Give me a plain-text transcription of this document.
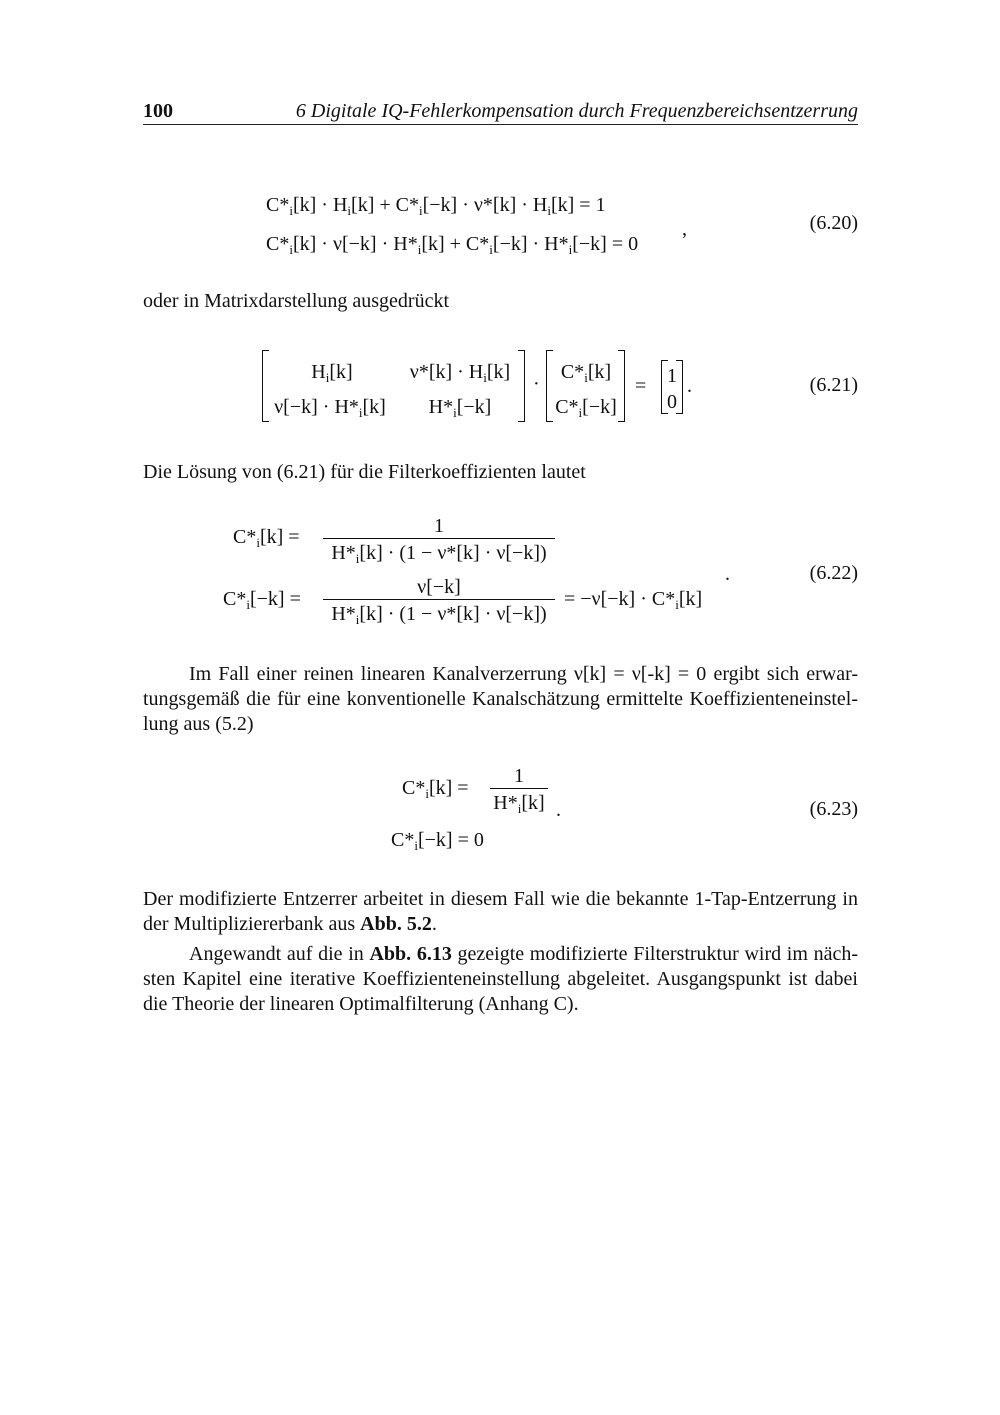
100	6 Digitale IQ-Fehlerkompensation durch Frequenzbereichsentzerrung
$C*_i[k] \cdot H_i[k] + C*_i[-k] \cdot \nu*[k] \cdot H_i[k] = 1$
$C*_i[k] \cdot \nu[-k] \cdot H*_i[k] + C*_i[-k] \cdot H*_i[-k] = 0$
,	(6.20)
oder in Matrixdarstellung ausgedrückt
$H_i[k]$	$\nu*[k] \cdot H_i[k]$
$\nu[-k] \cdot H*_i[k]$	$H*_i[-k]$
·
$C*_i[k]$
$C*_i[-k]$
= 1
0
.	(6.21)
Die Lösung von (6.21) für die Filterkoeffizienten lautet
$C*_i[k]$ =	1
$H*_i[k] \cdot (1 - \nu*[k] \cdot \nu[-k])$
$C*_i[-k]$ =
ν[−k]
$H*_i[k] \cdot (1 - \nu*[k] \cdot \nu[-k])$
= $-\nu[-k] \cdot C*_i[k]$
.	(6.22)
Im Fall einer reinen linearen Kanalverzerrung ν[k] = ν[-k] = 0 ergibt sich erwar-
tungsgemäß die für eine konventionelle Kanalschätzung ermittelte Koeffizienteneinstel-
lung aus (5.2)
$C*_i[k]$ =
1
$H*_i[k]$ .
$C*_i[-k] = 0$
(6.23)
Der modifizierte Entzerrer arbeitet in diesem Fall wie die bekannte 1-Tap-Entzerrung in
der Multipliziererbank aus Abb. 5.2.
Angewandt auf die in Abb. 6.13 gezeigte modifizierte Filterstruktur wird im näch-
sten Kapitel eine iterative Koeffizienteneinstellung abgeleitet. Ausgangspunkt ist dabei
die Theorie der linearen Optimalfilterung (Anhang C).
